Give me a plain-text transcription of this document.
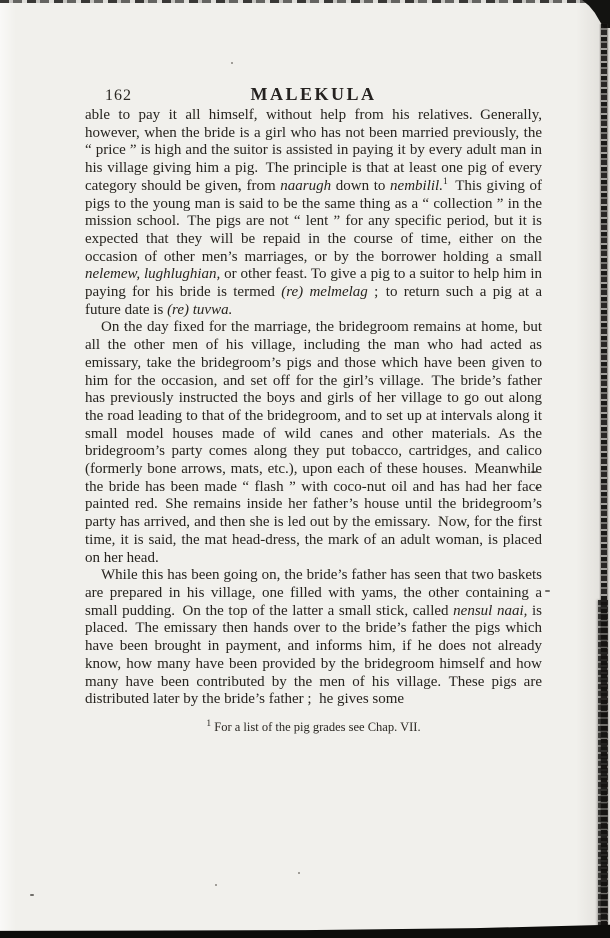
162	MALEKULA

able to pay it all himself, without help from his relatives. Generally, however, when the bride is a girl who has not been married previously, the “ price ” is high and the suitor is assisted in paying it by every adult man in his village giving him a pig. The principle is that at least one pig of every category should be given, from naarugh down to nembilil.$^1$ This giving of pigs to the young man is said to be the same thing as a “ collection ” in the mission school. The pigs are not “ lent ” for any specific period, but it is expected that they will be repaid in the course of time, either on the occasion of other men’s marriages, or by the borrower holding a small nelemew, lughlughian, or other feast. To give a pig to a suitor to help him in paying for his bride is termed (re) melmelag ; to return such a pig at a future date is (re) tuvwa.

On the day fixed for the marriage, the bridegroom remains at home, but all the other men of his village, including the man who had acted as emissary, take the bridegroom’s pigs and those which have been given to him for the occasion, and set off for the girl’s village. The bride’s father has previously instructed the boys and girls of her village to go out along the road leading to that of the bridegroom, and to set up at intervals along it small model houses made of wild canes and other materials. As the bridegroom’s party comes along they put tobacco, cartridges, and calico (formerly bone arrows, mats, etc.), upon each of these houses. Meanwhile the bride has been made “ flash ” with coco-nut oil and has had her face painted red. She remains inside her father’s house until the bridegroom’s party has arrived, and then she is led out by the emissary. Now, for the first time, it is said, the mat head-dress, the mark of an adult woman, is placed on her head.

While this has been going on, the bride’s father has seen that two baskets are prepared in his village, one filled with yams, the other containing a small pudding. On the top of the latter a small stick, called nensul naai, is placed. The emissary then hands over to the bride’s father the pigs which have been brought in payment, and informs him, if he does not already know, how many have been provided by the bridegroom himself and how many have been contributed by the men of his village. These pigs are distributed later by the bride’s father ; he gives some

$^1$ For a list of the pig grades see Chap. VII.
